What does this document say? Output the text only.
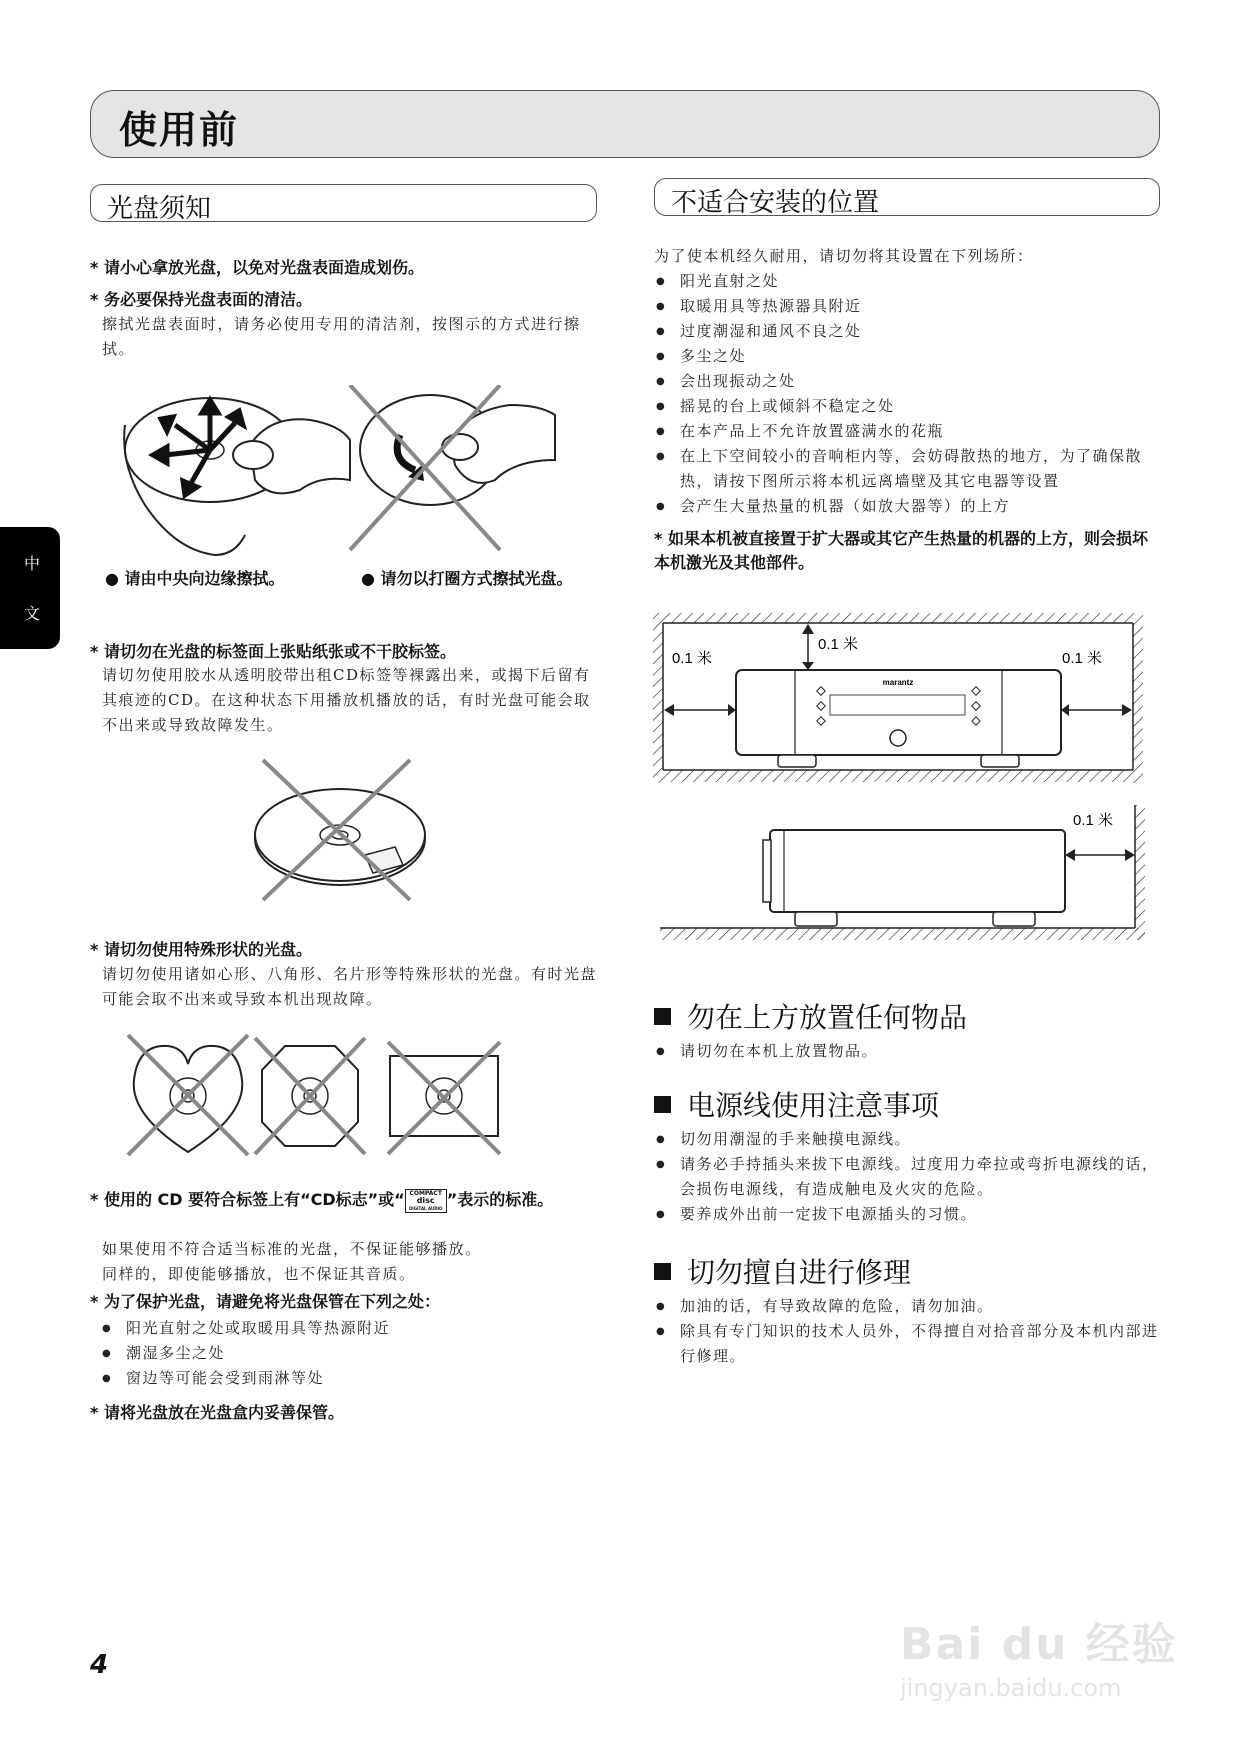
使用前
中
文
光盘须知
* 请小心拿放光盘，以免对光盘表面造成划伤。
* 务必要保持光盘表面的清洁。
擦拭光盘表面时，请务必使用专用的清洁剂，按图示的方式进行擦拭。
● 请由中央向边缘擦拭。	● 请勿以打圈方式擦拭光盘。
* 请切勿在光盘的标签面上张贴纸张或不干胶标签。
请切勿使用胶水从透明胶带出租CD标签等裸露出来，或揭下后留有其痕迹的CD。在这种状态下用播放机播放的话，有时光盘可能会取不出来或导致故障发生。
* 请切勿使用特殊形状的光盘。
请切勿使用诸如心形、八角形、名片形等特殊形状的光盘。有时光盘可能会取不出来或导致本机出现故障。
* 使用的 CD 要符合标签上有“CD标志”或“ COMPACT
disc
DIGITAL AUDIO ”表示的标准。
如果使用不符合适当标准的光盘，不保证能够播放。
同样的，即使能够播放，也不保证其音质。
* 为了保护光盘，请避免将光盘保管在下列之处：
● 阳光直射之处或取暖用具等热源附近
● 潮湿多尘之处
● 窗边等可能会受到雨淋等处
* 请将光盘放在光盘盒内妥善保管。
不适合安装的位置
为了使本机经久耐用，请切勿将其设置在下列场所：
● 阳光直射之处
● 取暖用具等热源器具附近
● 过度潮湿和通风不良之处
● 多尘之处
● 会出现振动之处
● 摇晃的台上或倾斜不稳定之处
● 在本产品上不允许放置盛满水的花瓶
● 在上下空间较小的音响柜内等，会妨碍散热的地方，为了确保散热，请按下图所示将本机远离墙壁及其它电器等设置
● 会产生大量热量的机器（如放大器等）的上方
* 如果本机被直接置于扩大器或其它产生热量的机器的上方，则会损坏本机激光及其他部件。
marantz
0.1 米
0.1 米	0.1 米
0.1 米
勿在上方放置任何物品
● 请切勿在本机上放置物品。
电源线使用注意事项
● 切勿用潮湿的手来触摸电源线。
● 请务必手持插头来拔下电源线。过度用力牵拉或弯折电源线的话，会损伤电源线，有造成触电及火灾的危险。
● 要养成外出前一定拔下电源插头的习惯。
切勿擅自进行修理
● 加油的话，有导致故障的危险，请勿加油。
● 除具有专门知识的技术人员外，不得擅自对拾音部分及本机内部进行修理。
4	Bai du 经验
jingyan.baidu.com
